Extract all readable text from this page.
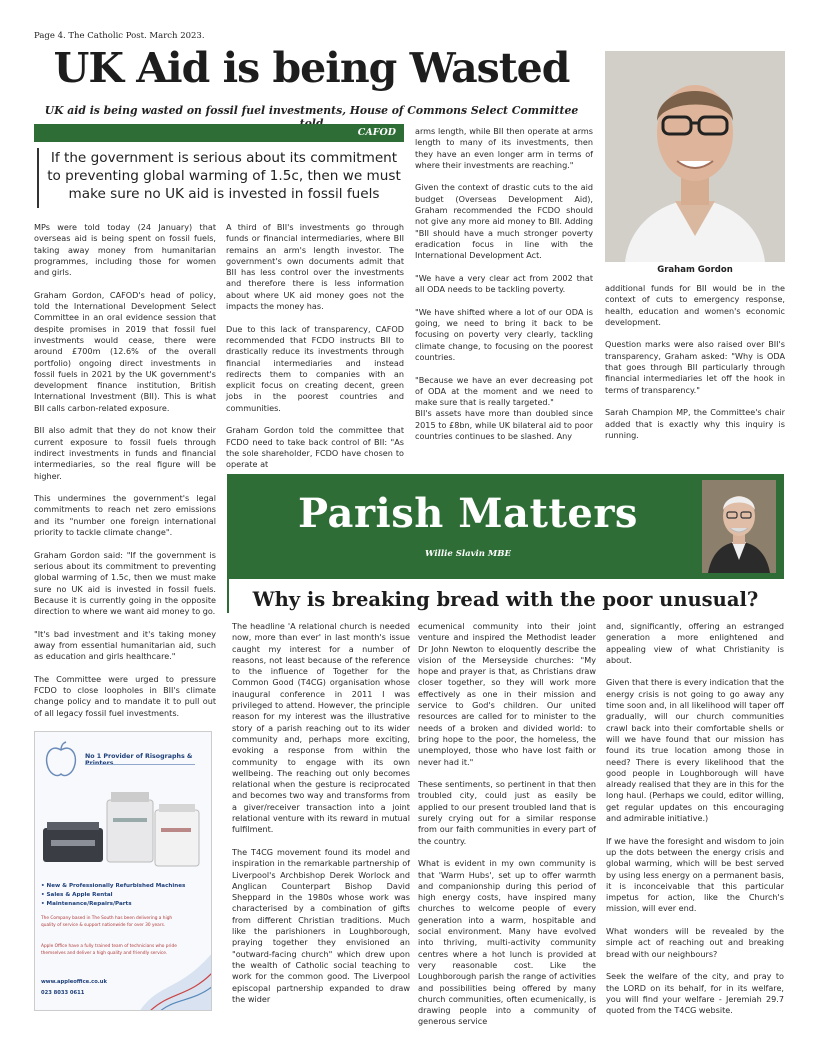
Page 4. The Catholic Post. March 2023.
UK Aid is being Wasted
UK aid is being wasted on fossil fuel investments, House of Commons Select Committee
CAFOD
If the government is serious about its commitment to preventing global warming of 1.5c, then we must make sure no UK aid is invested in fossil fuels

MPs were told today (24 January) that overseas aid is being spent on fossil fuels, taking away money from humanitarian programmes, including those for women and girls.

Graham Gordon, CAFOD's head of policy, told the International Development Select Committee in an oral evidence session that despite promises in 2019 that fossil fuel investments would cease, there were around £700m (12.6% of the overall portfolio) ongoing direct investments in fossil fuels in 2021 by the UK government's development finance institution, British International Investment (BII). This is what BII calls carbon-related exposure.

BII also admit that they do not know their current exposure to fossil fuels through indirect investments in funds and financial intermediaries, so the real figure will be higher.

This undermines the government's legal commitments to reach net zero emissions and its "number one foreign international priority to tackle climate change".

Graham Gordon said: "If the government is serious about its commitment to preventing global warming of 1.5c, then we must make sure no UK aid is invested in fossil fuels. Because it is currently going in the opposite direction to where we want aid money to go.

"It's bad investment and it's taking money away from essential humanitarian aid, such as education and girls healthcare."

The Committee were urged to pressure FCDO to close loopholes in BII's climate change policy and to mandate it to pull out of all legacy fossil fuel investments.

A third of BII's investments go through funds or financial intermediaries, where BII remains an arm's length investor. The government's own documents admit that BII has less control over the investments and therefore there is less information about where UK aid money goes not the impacts the money has.

Due to this lack of transparency, CAFOD recommended that FCDO instructs BII to drastically reduce its investments through financial intermediaries and instead redirects them to companies with an explicit focus on creating decent, green jobs in the poorest countries and communities.

Graham Gordon told the committee that FCDO need to take back control of BII: "As the sole shareholder, FCDO have chosen to operate at

arms length, while BII then operate at arms length to many of its investments, then they have an even longer arm in terms of where their investments are reaching."

Given the context of drastic cuts to the aid budget (Overseas Development Aid), Graham recommended the FCDO should not give any more aid money to BII. Adding "BII should have a much stronger poverty eradication focus in line with the International Development Act.

"We have a very clear act from 2002 that all ODA needs to be tackling poverty.

"We have shifted where a lot of our ODA is going, we need to bring it back to be focusing on poverty very clearly, tackling climate change, to focusing on the poorest countries.

"Because we have an ever decreasing pot of ODA at the moment and we need to make sure that is really targeted."

BII's assets have more than doubled since 2015 to £8bn, while UK bilateral aid to poor countries continues to be slashed. Any

Graham Gordon

additional funds for BII would be in the context of cuts to emergency response, health, education and women's economic development.

Question marks were also raised over BII's transparency, Graham asked: "Why is ODA that goes through BII particularly through financial intermediaries let off the hook in terms of transparency."

Sarah Champion MP, the Committee's chair added that is exactly why this inquiry is running.

No 1 Provider of Risographs &
• New & Professionally Refurbished Machines
• Sales & Apple Rental
• Maintenance/Repairs/Parts
The Company based in The South has been delivering a high quality of service & support nationwide for over 30 years.
Apple Office have a fully trained team of technicians who pride themselves and deliver a high quality and friendly service.
www.appleoffice.co.uk
023 8033 0611
Parish Matters
Willie Slavin MBE
Why is breaking bread with the poor unusual?

The headline 'A relational church is needed now, more than ever' in last month's issue caught my interest for a number of reasons, not least because of the reference to the influence of Together for the Common Good (T4CG) organisation whose inaugural conference in 2011 I was privileged to attend. However, the principle reason for my interest was the illustrative story of a parish reaching out to its wider community and, perhaps more exciting, evoking a response from within the community to engage with its own wellbeing. The reaching out only becomes relational when the gesture is reciprocated and becomes two way and transforms from a giver/receiver transaction into a joint relational venture with its reward in mutual fulfilment.

The T4CG movement found its model and inspiration in the remarkable partnership of Liverpool's Archbishop Derek Worlock and Anglican Counterpart Bishop David Sheppard in the 1980s whose work was characterised by a combination of gifts from different Christian traditions. Much like the parishioners in Loughborough, praying together they envisioned an "outward-facing church" which drew upon the wealth of Catholic social teaching to work for the common good. The Liverpool episcopal partnership expanded to draw the wider

ecumenical community into their joint venture and inspired the Methodist leader Dr John Newton to eloquently describe the vision of the Merseyside churches: "My hope and prayer is that, as Christians draw closer together, so they will work more effectively as one in their mission and service to God's children. Our united resources are called for to minister to the needs of a broken and divided world: to bring hope to the poor, the homeless, the unemployed, those who have lost faith or never had it."

These sentiments, so pertinent in that then troubled city, could just as easily be applied to our present troubled land that is surely crying out for a similar response from our faith communities in every part of the country.

What is evident in my own community is that 'Warm Hubs', set up to offer warmth and companionship during this period of high energy costs, have inspired many churches to welcome people of every generation into a warm, hospitable and social environment. Many have evolved into thriving, multi-activity community centres where a hot lunch is provided at very reasonable cost. Like the Loughborough parish the range of activities and possibilities being offered by many church communities, often ecumenically, is drawing people into a community of generous service

and, significantly, offering an estranged generation a more enlightened and appealing view of what Christianity is about.

Given that there is every indication that the energy crisis is not going to go away any time soon and, in all likelihood will taper off gradually, will our church communities crawl back into their comfortable shells or will we have found that our mission has found its true location among those in need? There is every likelihood that the good people in Loughborough will have already realised that they are in this for the long haul. (Perhaps we could, editor willing, get regular updates on this encouraging and admirable initiative.)

If we have the foresight and wisdom to join up the dots between the energy crisis and global warming, which will be best served by using less energy on a permanent basis, it is inconceivable that this particular impetus for action, like the Church's mission, will ever end.

What wonders will be revealed by the simple act of reaching out and breaking bread with our neighbours?

Seek the welfare of the city, and pray to the LORD on its behalf, for in its welfare, you will find your welfare - Jeremiah 29.7 quoted from the T4CG website.
